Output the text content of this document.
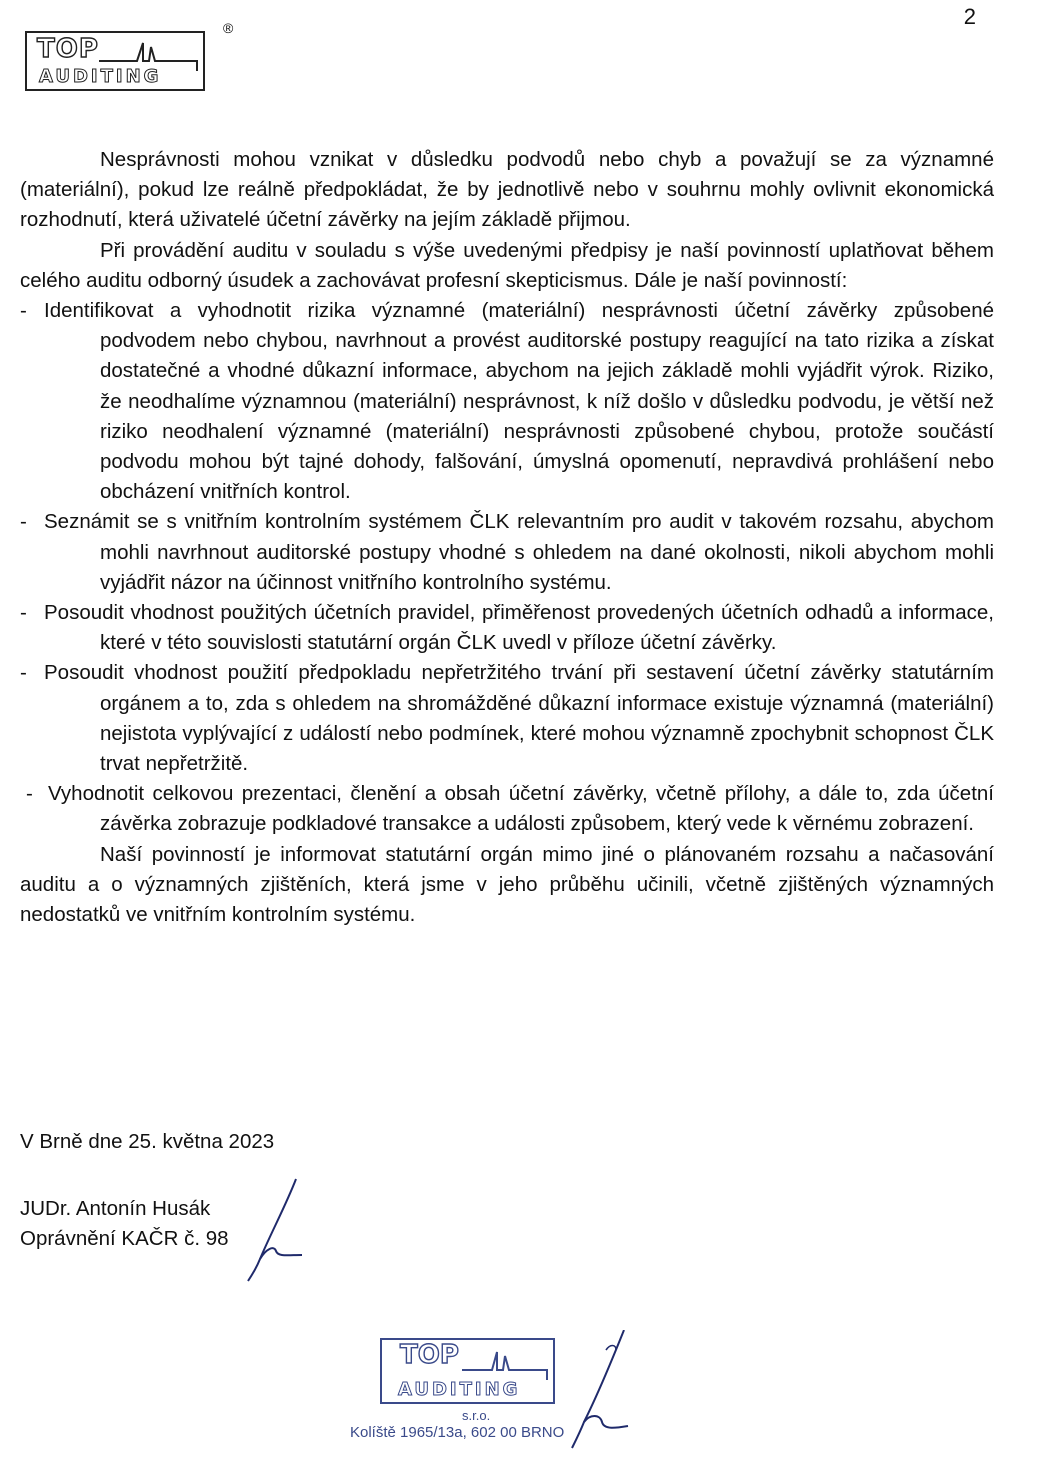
2
TOP
AUDITING
®

Nesprávnosti mohou vznikat v důsledku podvodů nebo chyb a považují se za významné (materiální), pokud lze reálně předpokládat, že by jednotlivě nebo v souhrnu mohly ovlivnit ekonomická rozhodnutí, která uživatelé účetní závěrky na jejím základě přijmou.

Při provádění auditu v souladu s výše uvedenými předpisy je naší povinností uplatňovat během celého auditu odborný úsudek a zachovávat profesní skepticismus. Dále je naší povinností:

- Identifikovat a vyhodnotit rizika významné (materiální) nesprávnosti účetní závěrky způsobené podvodem nebo chybou, navrhnout a provést auditorské postupy reagující na tato rizika a získat dostatečné a vhodné důkazní informace, abychom na jejich základě mohli vyjádřit výrok. Riziko, že neodhalíme významnou (materiální) nesprávnost, k níž došlo v důsledku podvodu, je větší než riziko neodhalení významné (materiální) nesprávnosti způsobené chybou, protože součástí podvodu mohou být tajné dohody, falšování, úmyslná opomenutí, nepravdivá prohlášení nebo obcházení vnitřních kontrol.

- Seznámit se s vnitřním kontrolním systémem ČLK relevantním pro audit v takovém rozsahu, abychom mohli navrhnout auditorské postupy vhodné s ohledem na dané okolnosti, nikoli abychom mohli vyjádřit názor na účinnost vnitřního kontrolního systému.

- Posoudit vhodnost použitých účetních pravidel, přiměřenost provedených účetních odhadů a informace, které v této souvislosti statutární orgán ČLK uvedl v příloze účetní závěrky.

- Posoudit vhodnost použití předpokladu nepřetržitého trvání při sestavení účetní závěrky statutárním orgánem a to, zda s ohledem na shromážděné důkazní informace existuje významná (materiální) nejistota vyplývající z událostí nebo podmínek, které mohou významně zpochybnit schopnost ČLK trvat nepřetržitě.

- Vyhodnotit celkovou prezentaci, členění a obsah účetní závěrky, včetně přílohy, a dále to, zda účetní závěrka zobrazuje podkladové transakce a události způsobem, který vede k věrnému zobrazení.

Naší povinností je informovat statutární orgán mimo jiné o plánovaném rozsahu a načasování auditu a o významných zjištěních, která jsme v jeho průběhu učinili, včetně zjištěných významných nedostatků ve vnitřním kontrolním systému.

V Brně dne 25. května 2023
JUDr. Antonín Husák
Oprávnění KAČR č. 98
TOP
AUDITING
s.r.o.
Kolíště 1965/13a, 602 00 BRNO
